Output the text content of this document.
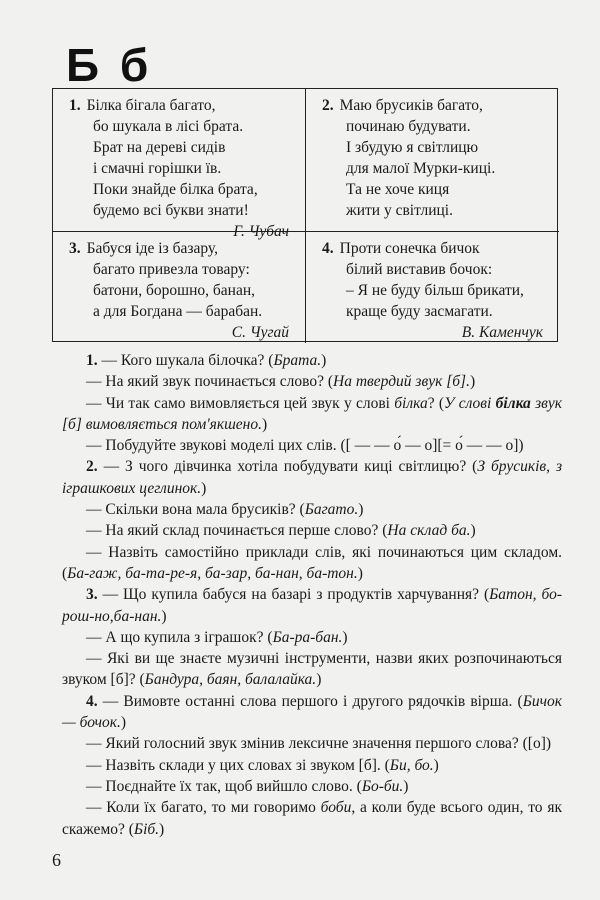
Б б
1. Білка бігала багато,
бо шукала в лісі брата.
Брат на дереві сидів
і смачні горішки їв.
Поки знайде білка брата,
будемо всі букви знати!
Г. Чубач
2. Маю брусиків багато,
починаю будувати.
І збудую я світлицю
для малої Мурки-киці.
Та не хоче киця
жити у світлиці.
3. Бабуся іде із базару,
багато привезла товару:
батони, борошно, банан,
а для Богдана — барабан.
С. Чугай
4. Проти сонечка бичок
білий виставив бочок:
– Я не буду більш брикати,
краще буду засмагати.
В. Каменчук

1. — Кого шукала білочка? (Брата.)

— На який звук починається слово? (На твердий звук [б].)

— Чи так само вимовляється цей звук у слові білка? (У слові білка звук [б] вимовляється пом'якшено.)

— Побудуйте звукові моделі цих слів. ([ — — о́ — о][= о́ — — о])

2. — З чого дівчинка хотіла побудувати киці світлицю? (З брусиків, з іграшкових цеглинок.)

— Скільки вона мала брусиків? (Багато.)

— На який склад починається перше слово? (На склад ба.)

— Назвіть самостійно приклади слів, які починаються цим складом. (Ба-гаж, ба-та-ре-я, ба-зар, ба-нан, ба-тон.)

3. — Що купила бабуся на базарі з продуктів харчування? (Батон, бо-рош-но,ба-нан.)

— А що купила з іграшок? (Ба-ра-бан.)

— Які ви ще знаєте музичні інструменти, назви яких розпочинаються звуком [б]? (Бандура, баян, балалайка.)

4. — Вимовте останні слова першого і другого рядочків вірша. (Бичок — бочок.)

— Який голосний звук змінив лексичне значення першого слова? ([о])

— Назвіть склади у цих словах зі звуком [б]. (Би, бо.)

— Поєднайте їх так, щоб вийшло слово. (Бо-би.)

— Коли їх багато, то ми говоримо боби, а коли буде всього один, то як скажемо? (Біб.)

6
